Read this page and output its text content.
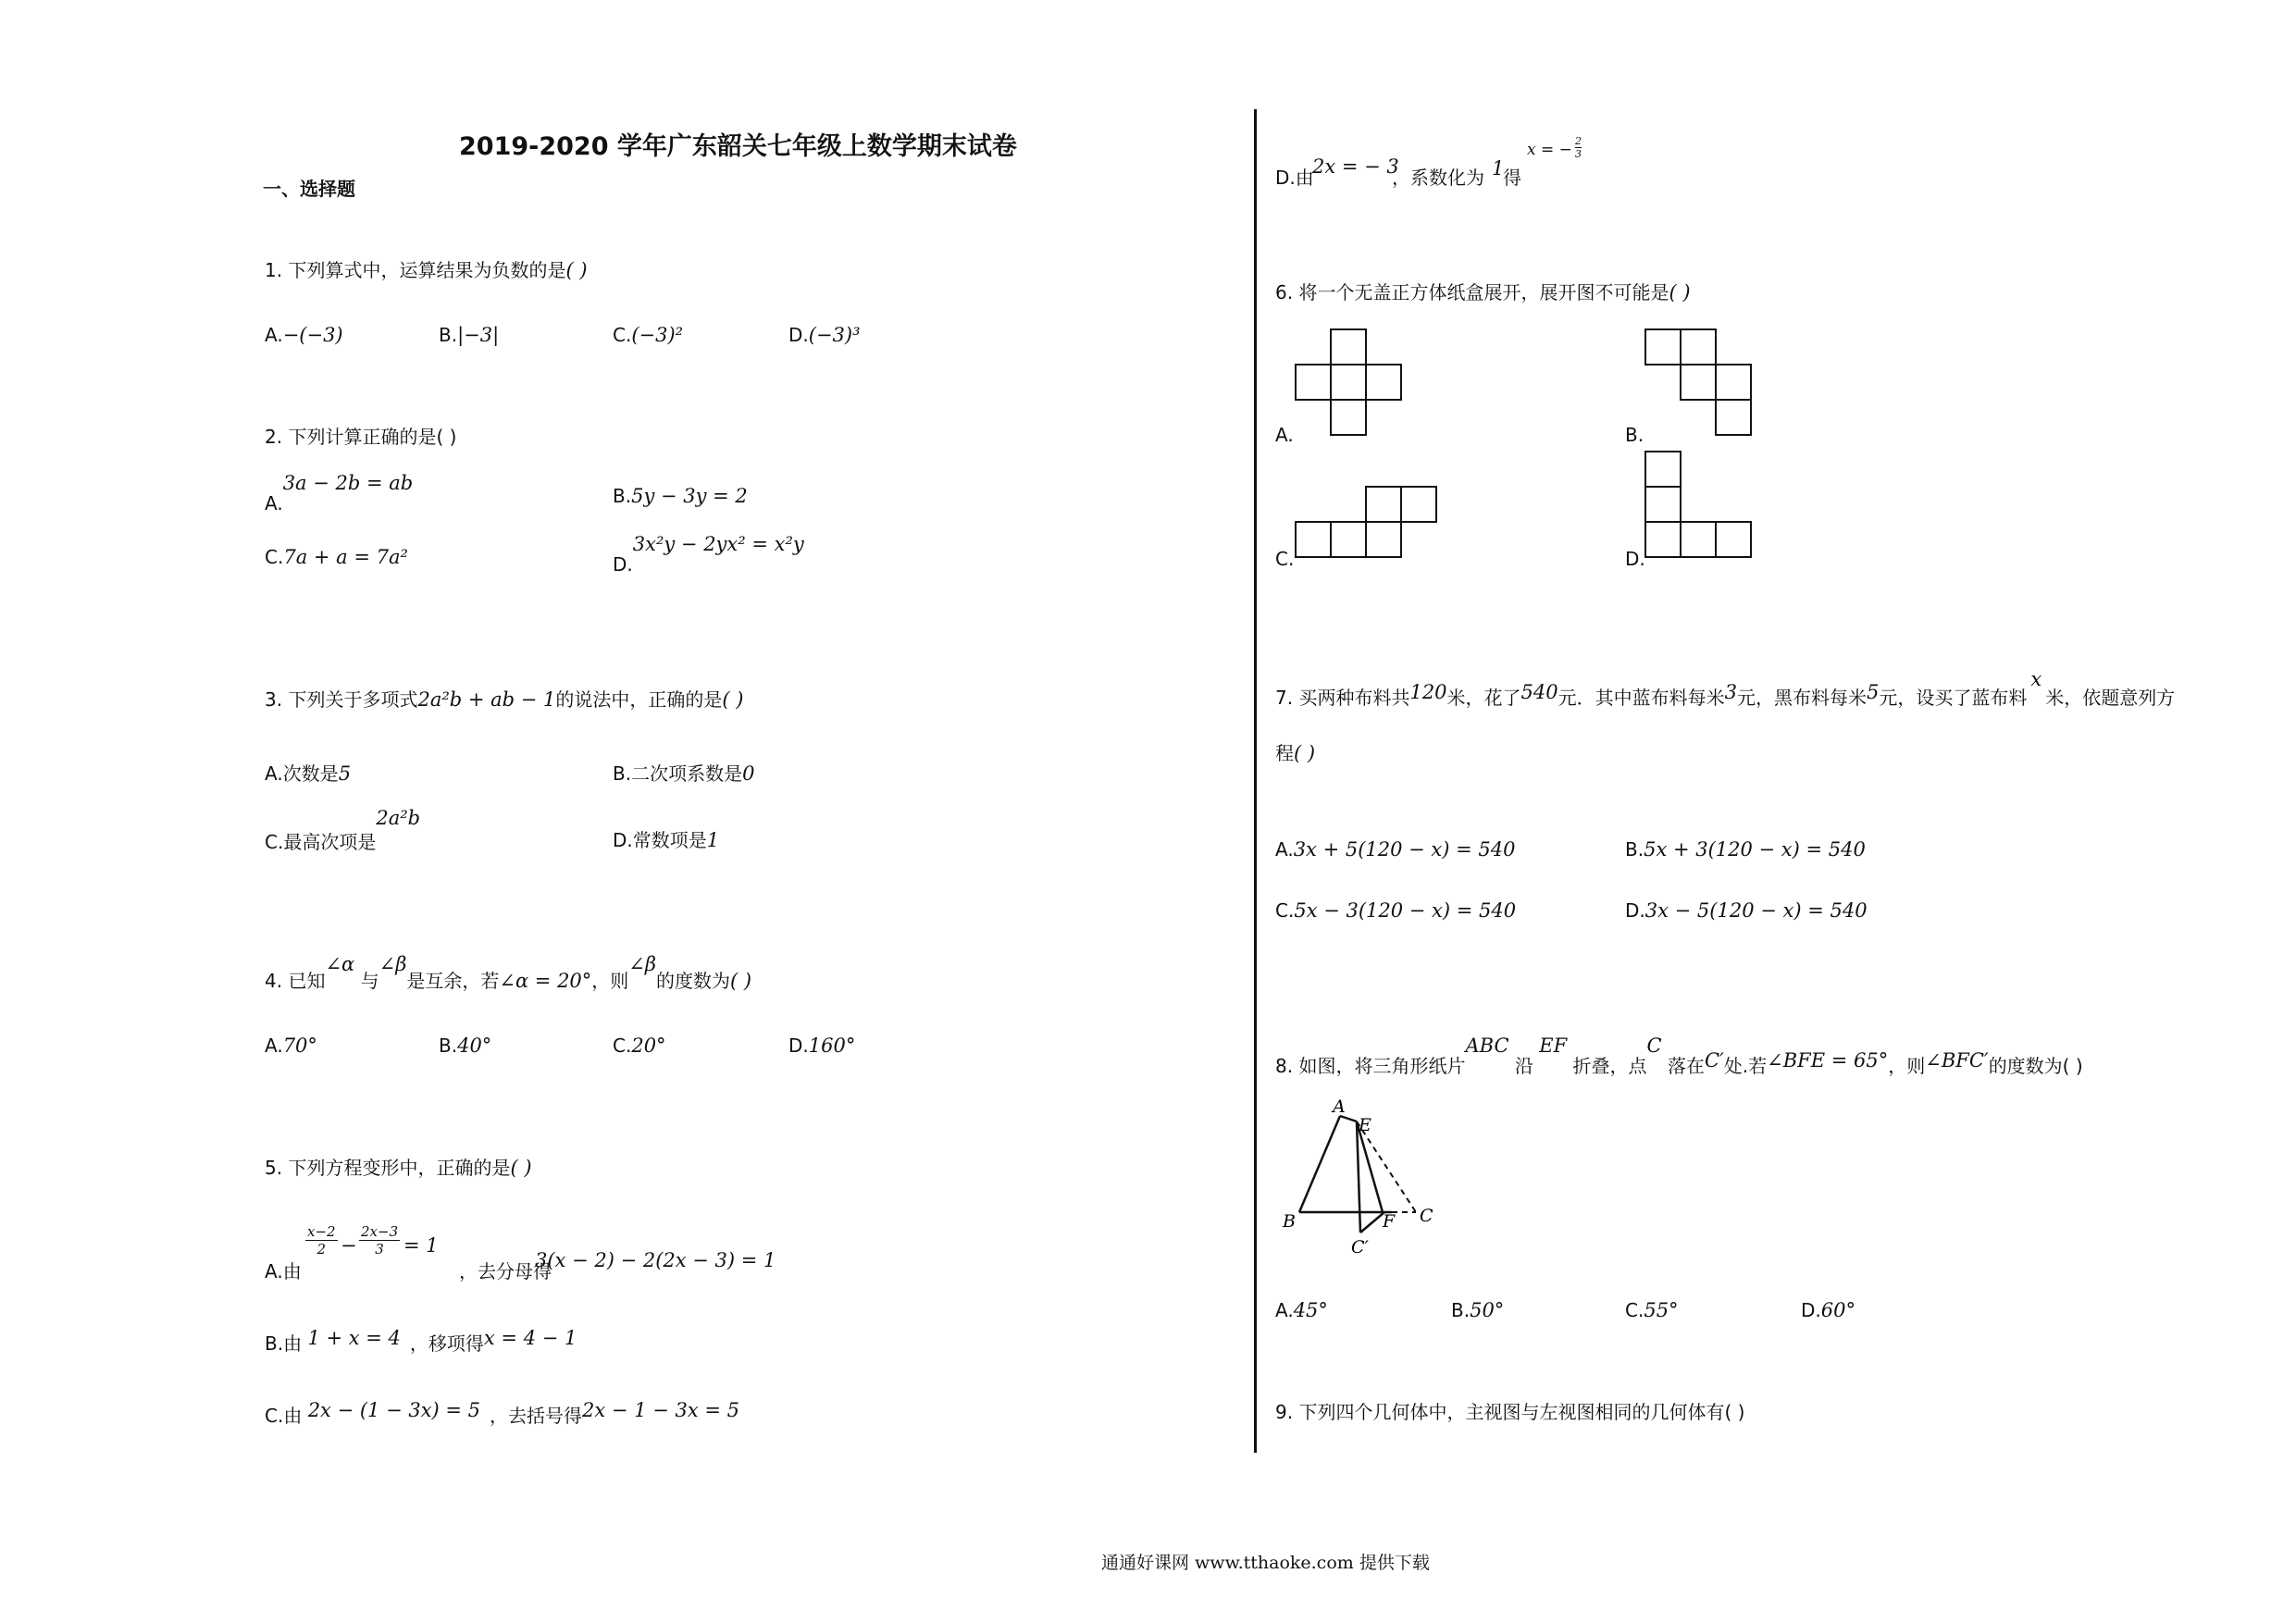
2019-2020 学年广东韶关七年级上数学期末试卷
一、选择题
1. 下列算式中，运算结果为负数的是( )
A.−(−3)	B.|−3|	C.(−3)²	D.(−3)³
2. 下列计算正确的是( )
A.3a − 2b = ab
B.5y − 3y = 2
C.7a + a = 7a²	D.3x²y − 2yx² = x²y
3. 下列关于多项式2a²b + ab − 1的说法中，正确的是( )
A.次数是5	B.二次项系数是0
C.最高次项是2a²b
D.常数项是1
4. 已知∠α 与∠β是互余，若∠α = 20°，则∠β的度数为( )
A.70°	B.40°	C.20°	D.160°
5. 下列方程变形中，正确的是( )
A.由
x−2
2 −
2x−3
3	= 1
，去分母得
3(x − 2) − 2(2x − 3) = 1
B.由 1 + x = 4 ，移项得x = 4 − 1
C.由 2x − (1 − 3x) = 5 ，去括号得2x − 1 − 3x = 5
D.由
2x = − 3
，系数化为 1
得
x = − 2
3
6. 将一个无盖正方体纸盒展开，展开图不可能是( )
A.	B.
C.	D.
7. 买两种布料共120米，花了540元．其中蓝布料每米3元，黑布料每米5元，设买了蓝布料x米，依题意列方
程( )
A.3x + 5(120 − x) = 540	B.5x + 3(120 − x) = 540
C.5x − 3(120 − x) = 540	D.3x − 5(120 − x) = 540
8. 如图，将三角形纸片ABC 沿 EF 折叠，点C 落在C′处.若∠BFE = 65°，则∠BFC′的度数为( )
A
E
B	F C
C′
A.45°	B.50°	C.55°	D.60°
9. 下列四个几何体中，主视图与左视图相同的几何体有( )
通通好课网 www.tthaoke.com 提供下载
